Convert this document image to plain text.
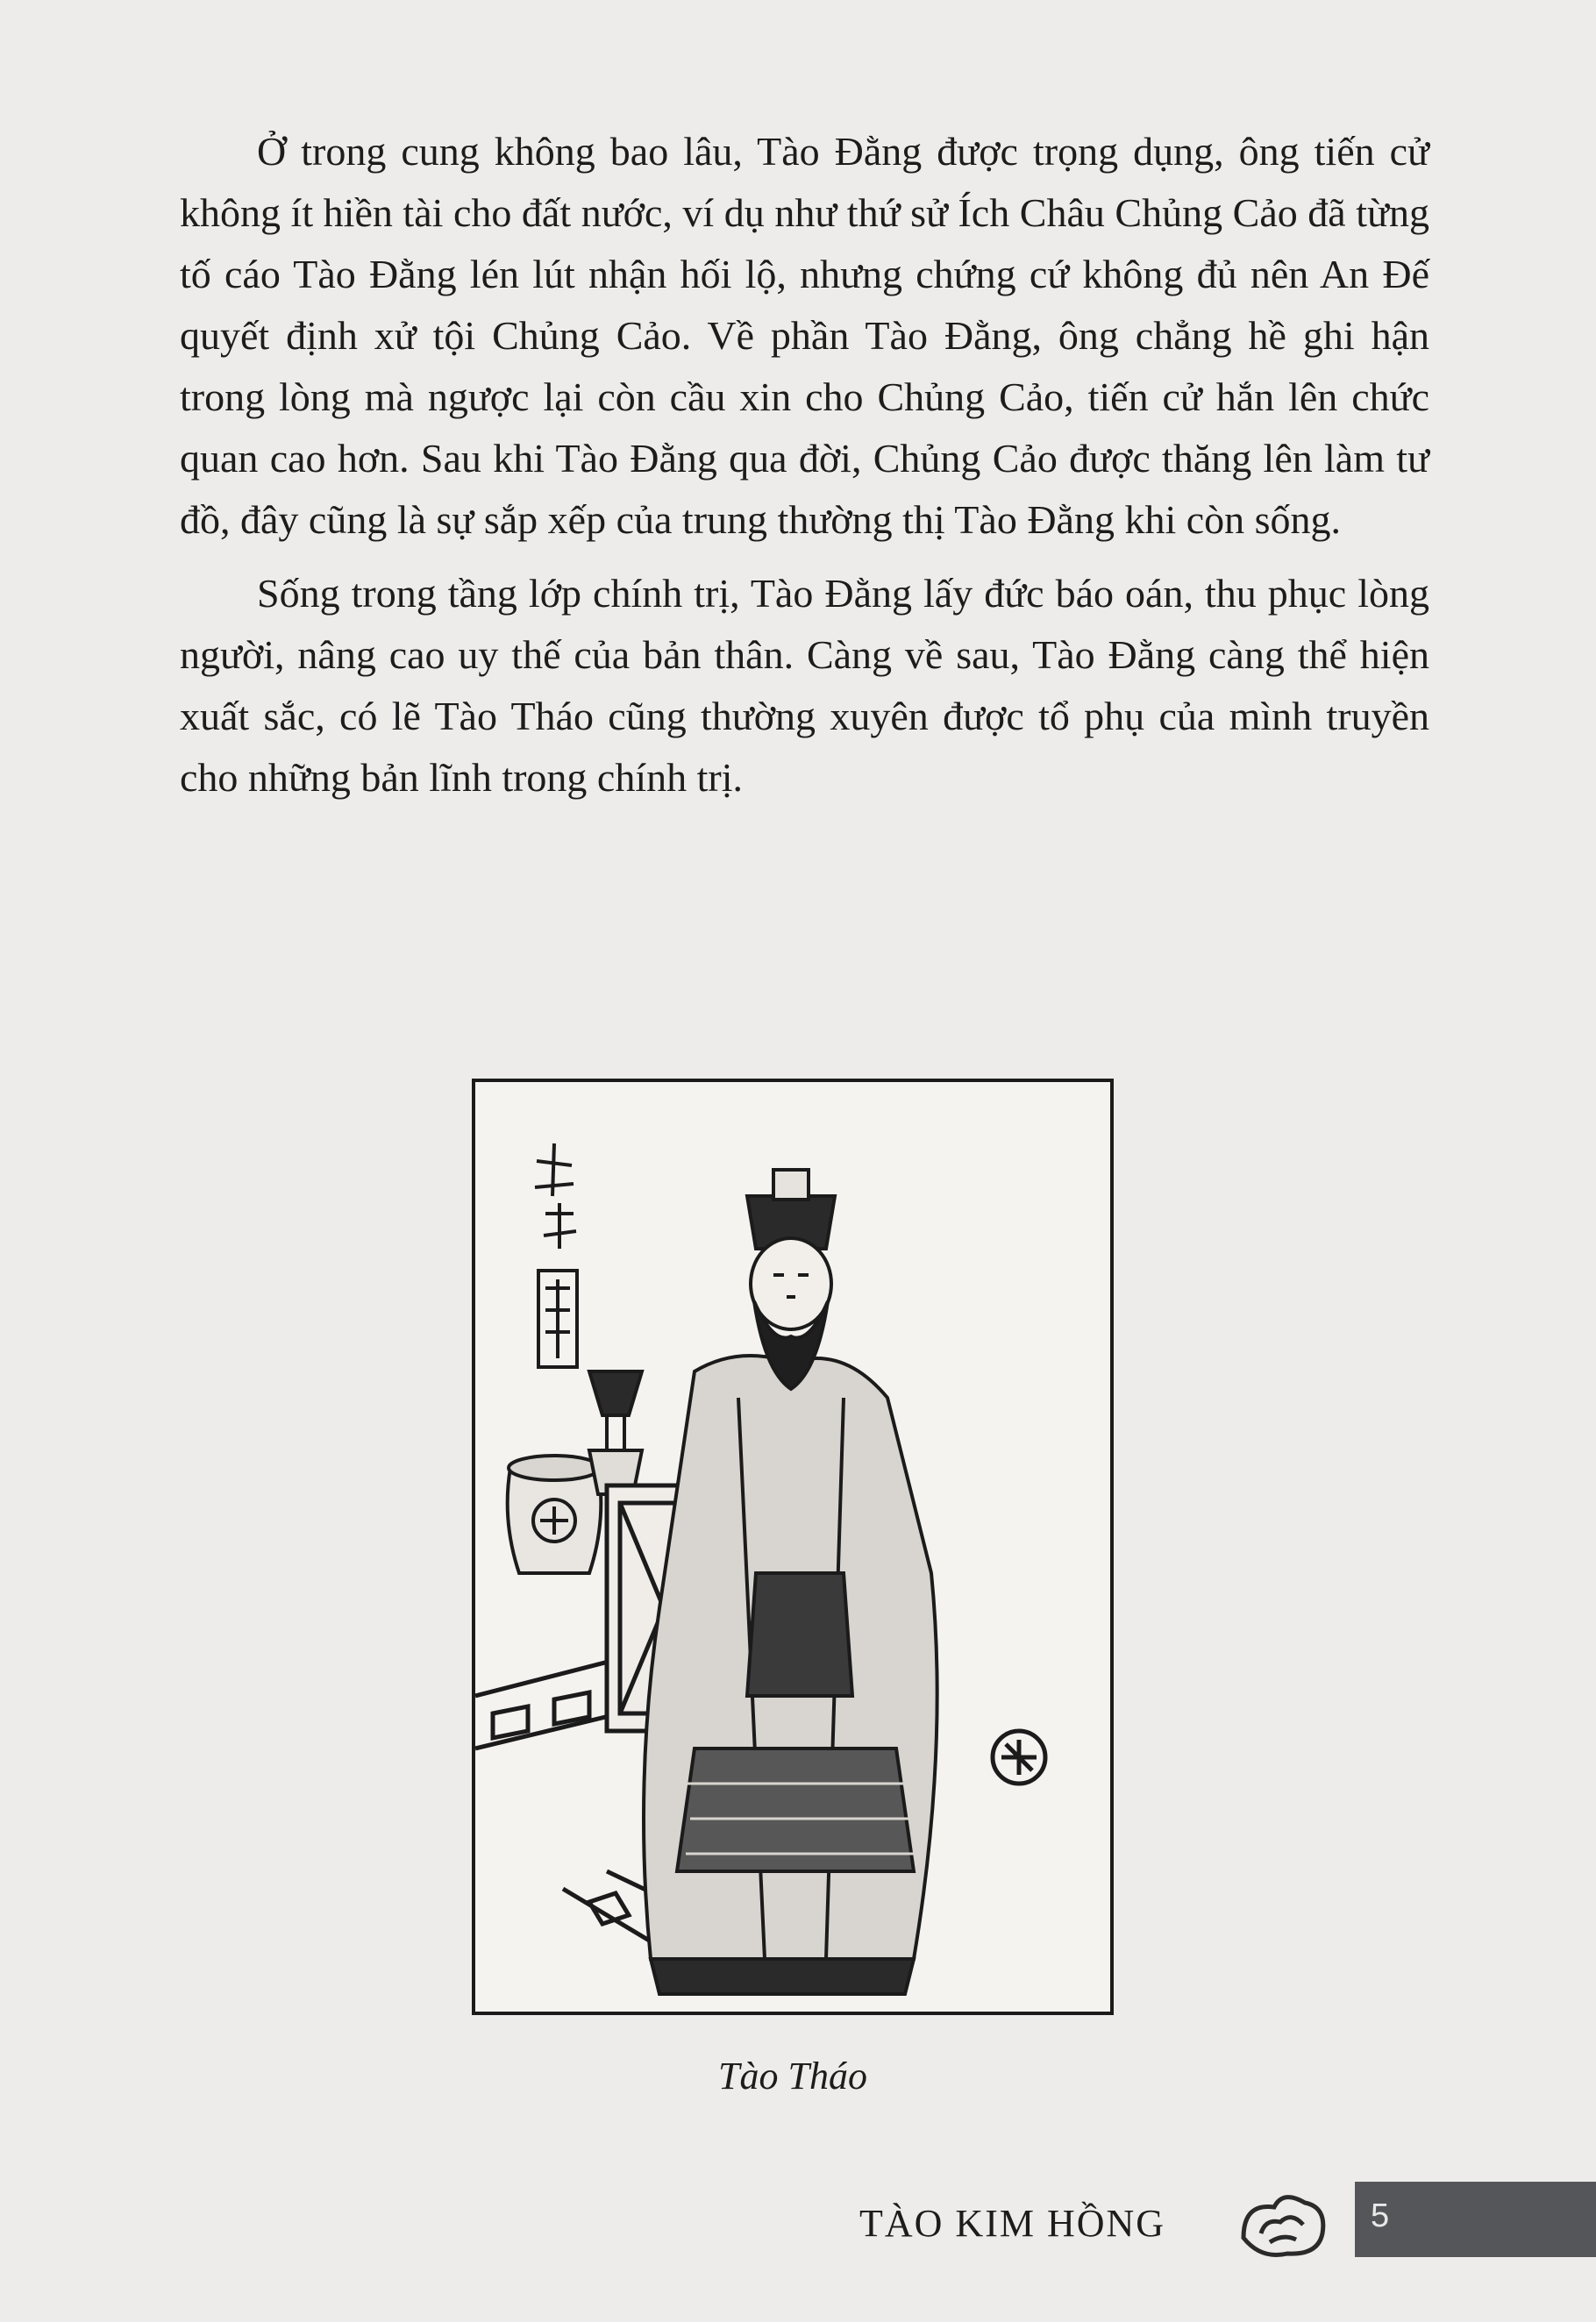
Ở trong cung không bao lâu, Tào Đằng được trọng dụng, ông tiến cử không ít hiền tài cho đất nước, ví dụ như thứ sử Ích Châu Chủng Cảo đã từng tố cáo Tào Đằng lén lút nhận hối lộ, nhưng chứng cứ không đủ nên An Đế quyết định xử tội Chủng Cảo. Về phần Tào Đằng, ông chẳng hề ghi hận trong lòng mà ngược lại còn cầu xin cho Chủng Cảo, tiến cử hắn lên chức quan cao hơn. Sau khi Tào Đằng qua đời, Chủng Cảo được thăng lên làm tư đồ, đây cũng là sự sắp xếp của trung thường thị Tào Đằng khi còn sống.

Sống trong tầng lớp chính trị, Tào Đằng lấy đức báo oán, thu phục lòng người, nâng cao uy thế của bản thân. Càng về sau, Tào Đằng càng thể hiện xuất sắc, có lẽ Tào Tháo cũng thường xuyên được tổ phụ của mình truyền cho những bản lĩnh trong chính trị.

Tào Tháo
TÀO KIM HỒNG	5
